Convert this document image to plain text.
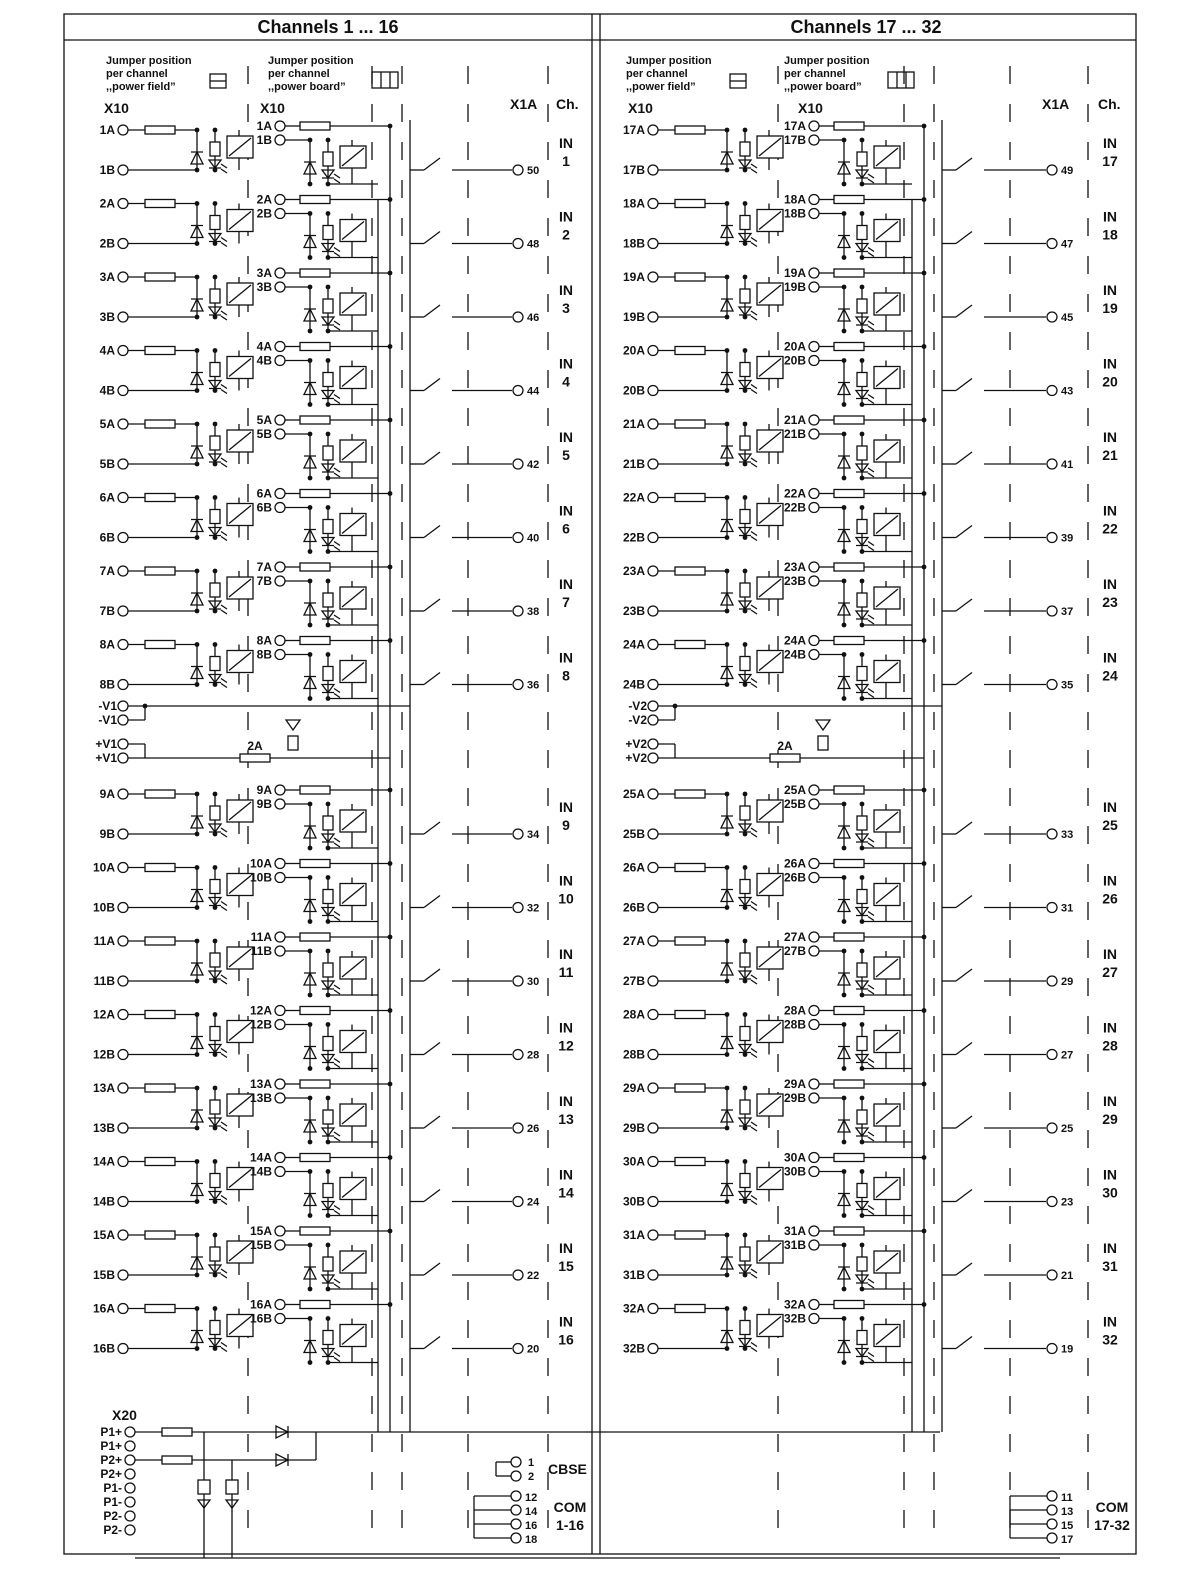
Channels 1 ... 16
Jumper position
per channel
,,power field”
Jumper position
per channel
,,power board”
X10	X10	X1A Ch.
1A
1B
1A
1B
50
IN
1
2A
2B
2A
2B
48
IN
2
3A
3B
3A
3B
46
IN
3
4A
4B
4A
4B
44
IN
4
5A
5B
5A
5B
42
IN
5
6A
6B
6A
6B
40
IN
6
7A
7B
7A
7B
38
IN
7
8A
8B
8A
8B
36
IN
8
9A
9B
9A
9B
34
IN
9
10A
10B
10A
10B
32
IN
10
11A
11B
11A
11B
30
IN
11
12A
12B
12A
12B
28
IN
12
13A
13B
13A
13B
26
IN
13
14A
14B
14A
14B
24
IN
14
15A
15B
15A
15B
22
IN
15
16A
16B
16A
16B
20
IN
16
-V1
-V1
+V1
+V1
2A
12
14
16
18
COM
1-16
Channels 17 ... 32
Jumper position
per channel
,,power field”
Jumper position
per channel
,,power board”
X10	X10	X1A Ch.
17A
17B
17A
17B
49
IN
17
18A
18B
18A
18B
47
IN
18
19A
19B
19A
19B
45
IN
19
20A
20B
20A
20B
43
IN
20
21A
21B
21A
21B
41
IN
21
22A
22B
22A
22B
39
IN
22
23A
23B
23A
23B
37
IN
23
24A
24B
24A
24B
35
IN
24
25A
25B
25A
25B
33
IN
25
26A
26B
26A
26B
31
IN
26
27A
27B
27A
27B
29
IN
27
28A
28B
28A
28B
27
IN
28
29A
29B
29A
29B
25
IN
29
30A
30B
30A
30B
23
IN
30
31A
31B
31A
31B
21
IN
31
32A
32B
32A
32B
19
IN
32
-V2
-V2
+V2
+V2
2A
11
13
15
17
COM
17-32
X20
P1+
P1+
P2+
P2+
P1-
P1-
P2-
P2-
1
2 CBSE
